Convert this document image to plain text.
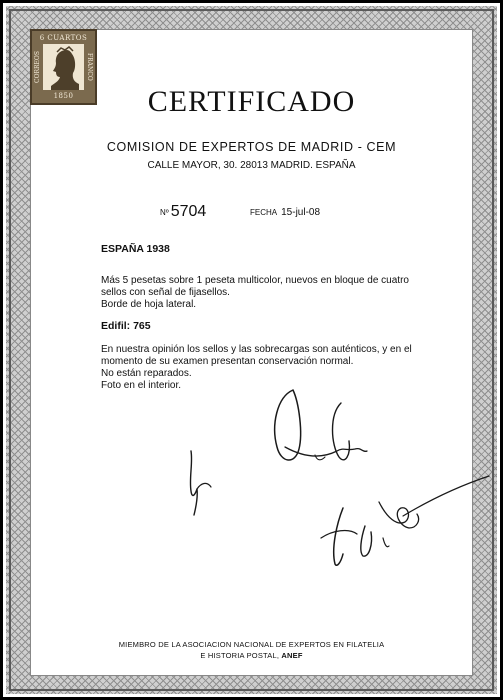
6 CUARTOS
CORREOS	FRANCO
1850	CERTIFICADO
COMISION DE EXPERTOS DE MADRID - CEM
CALLE MAYOR, 30. 28013 MADRID. ESPAÑA
Nº 5704	FECHA 15-jul-08
ESPAÑA 1938
Más 5 pesetas sobre 1 peseta multicolor, nuevos en bloque de cuatro
sellos con señal de fijasellos.
Borde de hoja lateral.
Edifil: 765
En nuestra opinión los sellos y las sobrecargas son auténticos, y en el
momento de su examen presentan conservación normal.
No están reparados.
Foto en el interior.
MIEMBRO DE LA ASOCIACION NACIONAL DE EXPERTOS EN FILATELIA
E HISTORIA POSTAL, ANEF
